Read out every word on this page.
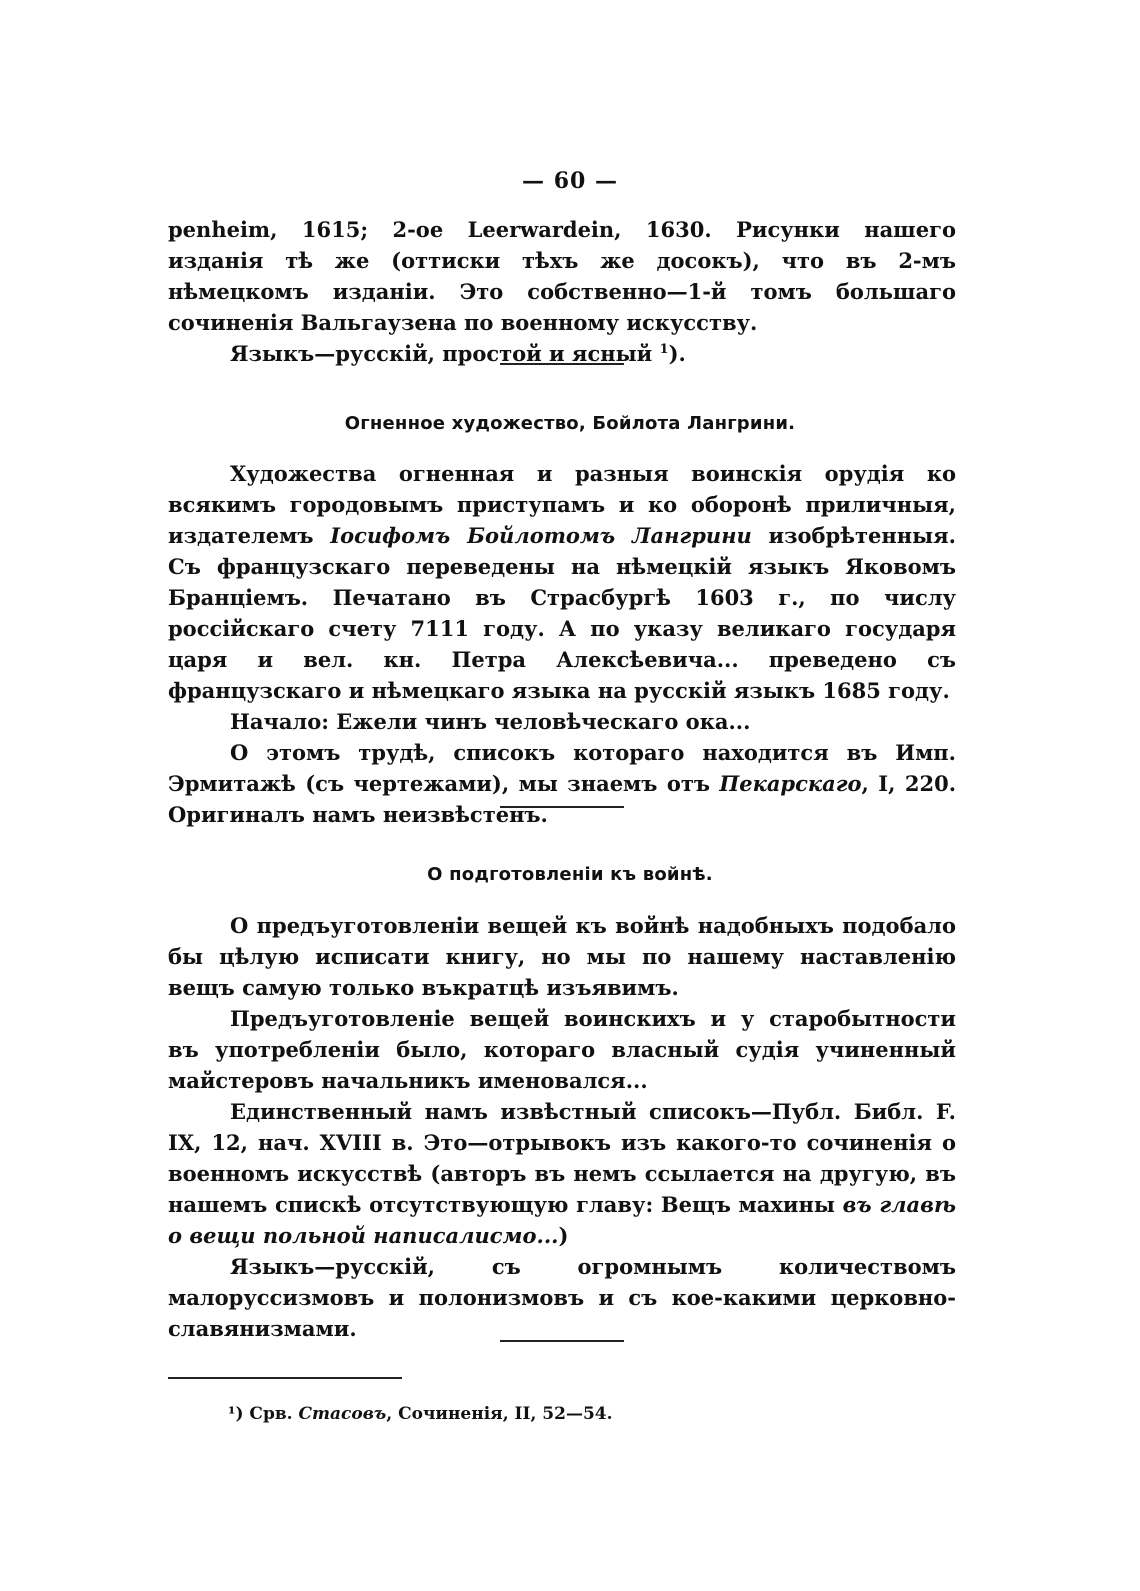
— 60 —

penheim, 1615; 2-ое Leerwardein, 1630. Рисунки нашего изданія тѣ же (оттиски тѣхъ же досокъ), что въ 2-мъ нѣмецкомъ изданіи. Это собственно—1-й томъ большаго сочиненія Вальгаузена по военному искусству.

Языкъ—русскій, простой и ясный $^1$).

Огненное художество, Бойлота Лангрини.

Художества огненная и разныя воинскія орудія ко всякимъ городовымъ приступамъ и ко оборонѣ приличныя, издателемъ Іосифомъ Бойлотомъ Лангрини изобрѣтенныя. Съ французскаго переведены на нѣмецкій языкъ Яковомъ Бранціемъ. Печатано въ Страсбургѣ 1603 г., по числу россійскаго счету 7111 году. А по указу великаго государя царя и вел. кн. Петра Алексѣевича... преведено съ французскаго и нѣмецкаго языка на русскій языкъ 1685 году.

Начало: Ежели чинъ человѣческаго ока...

О этомъ трудѣ, списокъ котораго находится въ Имп. Эрмитажѣ (съ чертежами), мы знаемъ отъ Пекарскаго, I, 220. Оригиналъ намъ неизвѣстенъ.

О подготовленіи къ войнѣ.

О предъуготовленіи вещей къ войнѣ надобныхъ подобало бы цѣлую исписати книгу, но мы по нашему наставленію вещъ самую только въкратцѣ изъявимъ.

Предъуготовленіе вещей воинскихъ и у старобытности въ употребленіи было, котораго власный судія учиненный майстеровъ начальникъ именовался...

Единственный намъ извѣстный списокъ—Публ. Библ. F. IX, 12, нач. XVIII в. Это—отрывокъ изъ какого-то сочиненія о военномъ искусствѣ (авторъ въ немъ ссылается на другую, въ нашемъ спискѣ отсутствующую главу: Вещъ махины въ главѣ о вещи польной написалисмо...)

Языкъ—русскій, съ огромнымъ количествомъ малоруссизмовъ и полонизмовъ и съ кое-какими церковно-славянизмами.

¹) Срв. Стасовъ, Сочиненія, II, 52—54.
